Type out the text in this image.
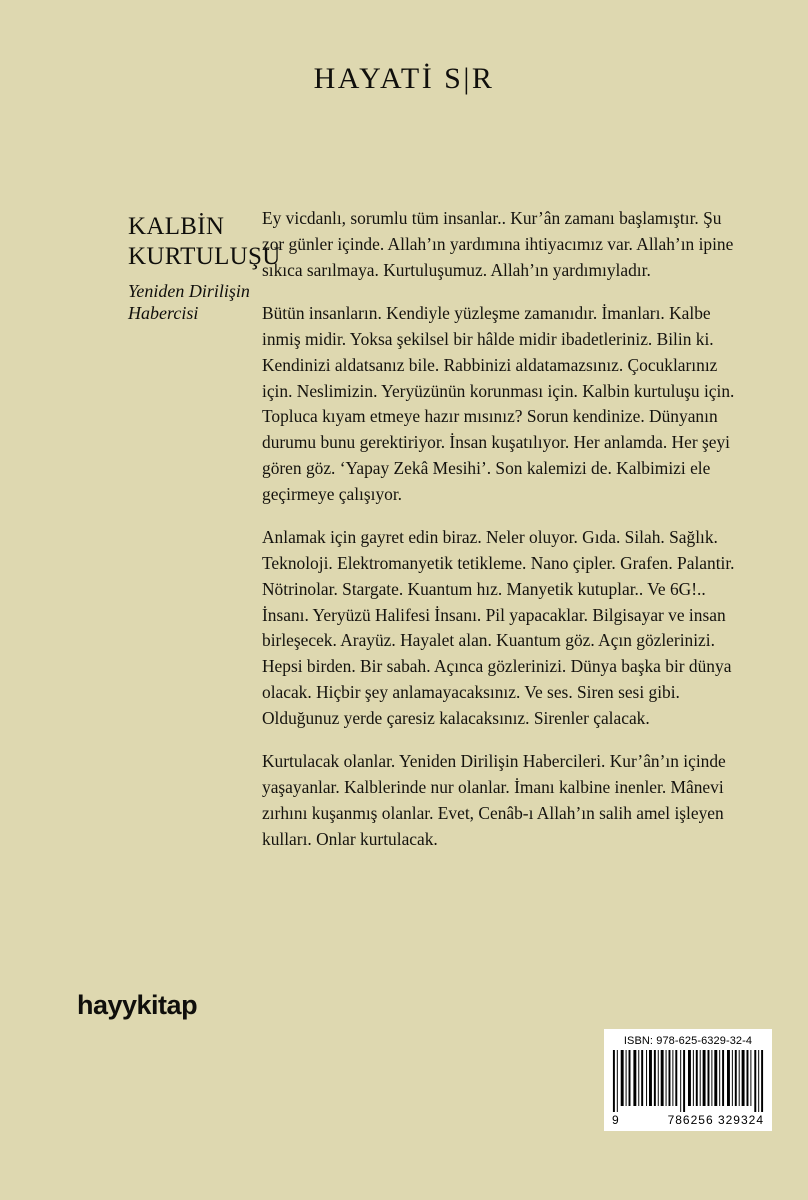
HAYATİ S|R
KALBİN KURTULUŞU
Yeniden Dirilişin Habercisi

Ey vicdanlı, sorumlu tüm insanlar.. Kur’ân zamanı başlamıştır. Şu zor günler içinde. Allah’ın yardımına ihtiyacımız var. Allah’ın ipine sıkıca sarılmaya. Kurtuluşumuz. Allah’ın yardımıyladır.

Bütün insanların. Kendiyle yüzleşme zamanıdır. İmanları. Kalbe inmiş midir. Yoksa şekilsel bir hâlde midir ibadetleriniz. Bilin ki. Kendinizi aldatsanız bile. Rabbinizi aldatamazsınız. Çocuklarınız için. Neslimizin. Yeryüzünün korunması için. Kalbin kurtuluşu için. Topluca kıyam etmeye hazır mısınız? Sorun kendinize. Dünyanın durumu bunu gerektiriyor. İnsan kuşatılıyor. Her anlamda. Her şeyi gören göz. ‘Yapay Zekâ Mesihi’. Son kalemizi de. Kalbimizi ele geçirmeye çalışıyor.

Anlamak için gayret edin biraz. Neler oluyor. Gıda. Silah. Sağlık. Teknoloji. Elektromanyetik tetikleme. Nano çipler. Grafen. Palantir. Nötrinolar. Stargate. Kuantum hız. Manyetik kutuplar.. Ve 6G!.. İnsanı. Yeryüzü Halifesi İnsanı. Pil yapacaklar. Bilgisayar ve insan birleşecek. Arayüz. Hayalet alan. Kuantum göz. Açın gözlerinizi. Hepsi birden. Bir sabah. Açınca gözlerinizi. Dünya başka bir dünya olacak. Hiçbir şey anlamayacaksınız. Ve ses. Siren sesi gibi. Olduğunuz yerde çaresiz kalacaksınız. Sirenler çalacak.

Kurtulacak olanlar. Yeniden Dirilişin Habercileri. Kur’ân’ın içinde yaşayanlar. Kalblerinde nur olanlar. İmanı kalbine inenler. Mânevi zırhını kuşanmış olanlar. Evet, Cenâb-ı Allah’ın salih amel işleyen kulları. Onlar kurtulacak.

hayykitap
ISBN: 978-625-6329-32-4
9	786256 329324
